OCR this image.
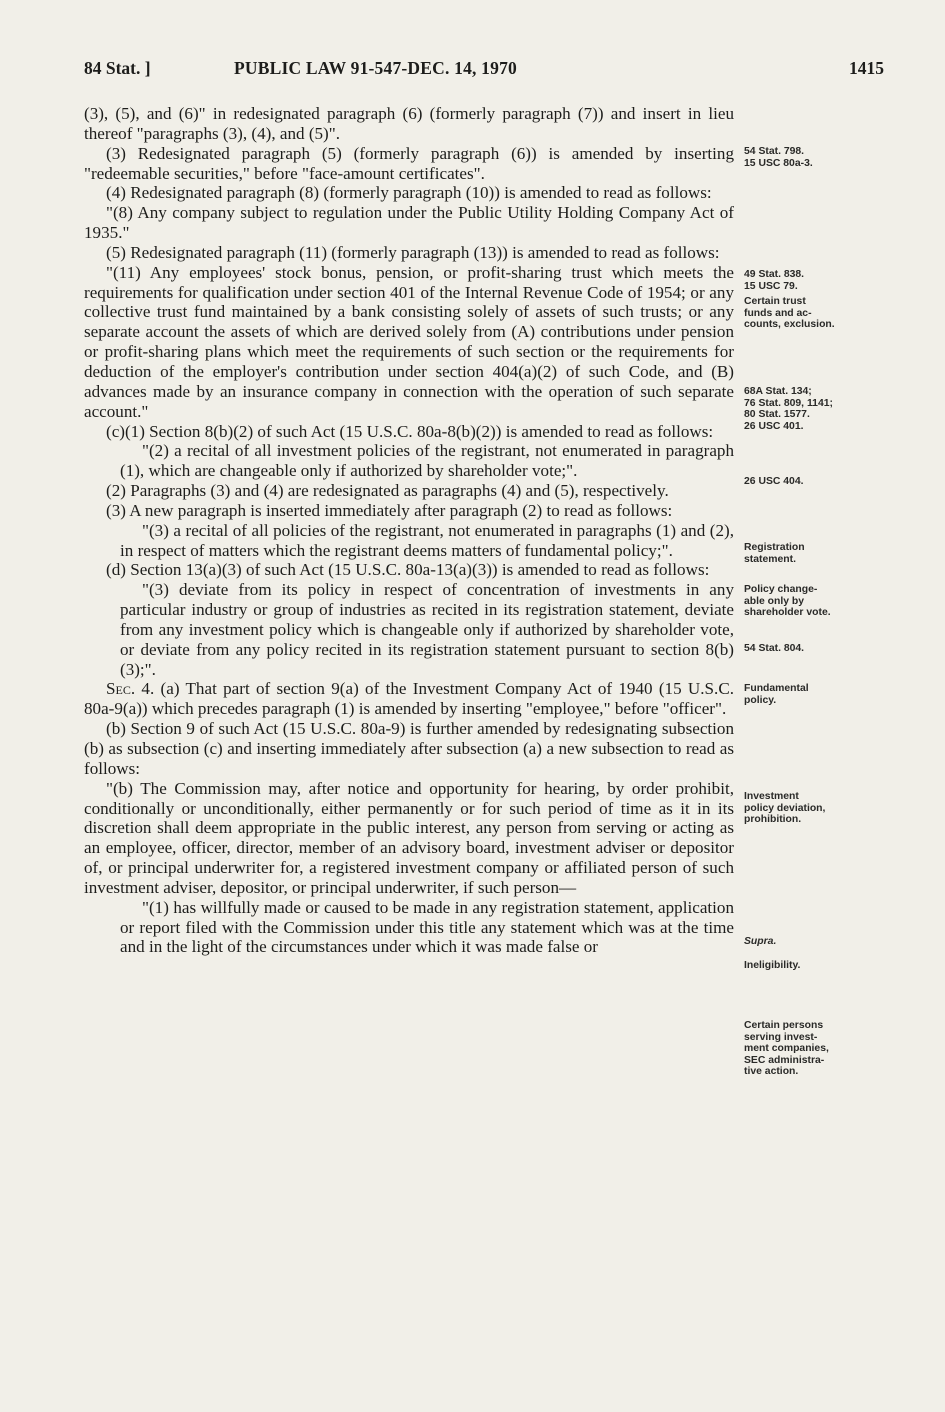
84 Stat. ]	PUBLIC LAW 91-547-DEC. 14, 1970	1415

(3), (5), and (6)" in redesignated paragraph (6) (formerly paragraph (7)) and insert in lieu thereof "paragraphs (3), (4), and (5)".

(3) Redesignated paragraph (5) (formerly paragraph (6)) is amended by inserting "redeemable securities," before "face-amount certificates".

(4) Redesignated paragraph (8) (formerly paragraph (10)) is amended to read as follows:

"(8) Any company subject to regulation under the Public Utility Holding Company Act of 1935."

(5) Redesignated paragraph (11) (formerly paragraph (13)) is amended to read as follows:

"(11) Any employees' stock bonus, pension, or profit-sharing trust which meets the requirements for qualification under section 401 of the Internal Revenue Code of 1954; or any collective trust fund maintained by a bank consisting solely of assets of such trusts; or any separate account the assets of which are derived solely from (A) contributions under pension or profit-sharing plans which meet the requirements of such section or the requirements for deduction of the employer's contribution under section 404(a)(2) of such Code, and (B) advances made by an insurance company in connection with the operation of such separate account."

(c)(1) Section 8(b)(2) of such Act (15 U.S.C. 80a-8(b)(2)) is amended to read as follows:

"(2) a recital of all investment policies of the registrant, not enumerated in paragraph (1), which are changeable only if authorized by shareholder vote;".

(2) Paragraphs (3) and (4) are redesignated as paragraphs (4) and (5), respectively.

(3) A new paragraph is inserted immediately after paragraph (2) to read as follows:

"(3) a recital of all policies of the registrant, not enumerated in paragraphs (1) and (2), in respect of matters which the registrant deems matters of fundamental policy;".

(d) Section 13(a)(3) of such Act (15 U.S.C. 80a-13(a)(3)) is amended to read as follows:

"(3) deviate from its policy in respect of concentration of investments in any particular industry or group of industries as recited in its registration statement, deviate from any investment policy which is changeable only if authorized by shareholder vote, or deviate from any policy recited in its registration statement pursuant to section 8(b)(3);".

Sec. 4. (a) That part of section 9(a) of the Investment Company Act of 1940 (15 U.S.C. 80a-9(a)) which precedes paragraph (1) is amended by inserting "employee," before "officer".

(b) Section 9 of such Act (15 U.S.C. 80a-9) is further amended by redesignating subsection (b) as subsection (c) and inserting immediately after subsection (a) a new subsection to read as follows:

"(b) The Commission may, after notice and opportunity for hearing, by order prohibit, conditionally or unconditionally, either permanently or for such period of time as it in its discretion shall deem appropriate in the public interest, any person from serving or acting as an employee, officer, director, member of an advisory board, investment adviser or depositor of, or principal underwriter for, a registered investment company or affiliated person of such investment adviser, depositor, or principal underwriter, if such person—

"(1) has willfully made or caused to be made in any registration statement, application or report filed with the Commission under this title any statement which was at the time and in the light of the circumstances under which it was made false or

54 Stat. 798.
15 USC 80a-3.
49 Stat. 838.
15 USC 79.
Certain trust
funds and ac-
counts, exclusion.
68A Stat. 134;
76 Stat. 809, 1141;
80 Stat. 1577.
26 USC 401.
26 USC 404.
Registration
statement.
Policy change-
able only by
shareholder vote.
54 Stat. 804.
Fundamental
policy.
Investment
policy deviation,
prohibition.
Supra.
Ineligibility.
Certain persons
serving invest-
ment companies,
SEC administra-
tive action.
